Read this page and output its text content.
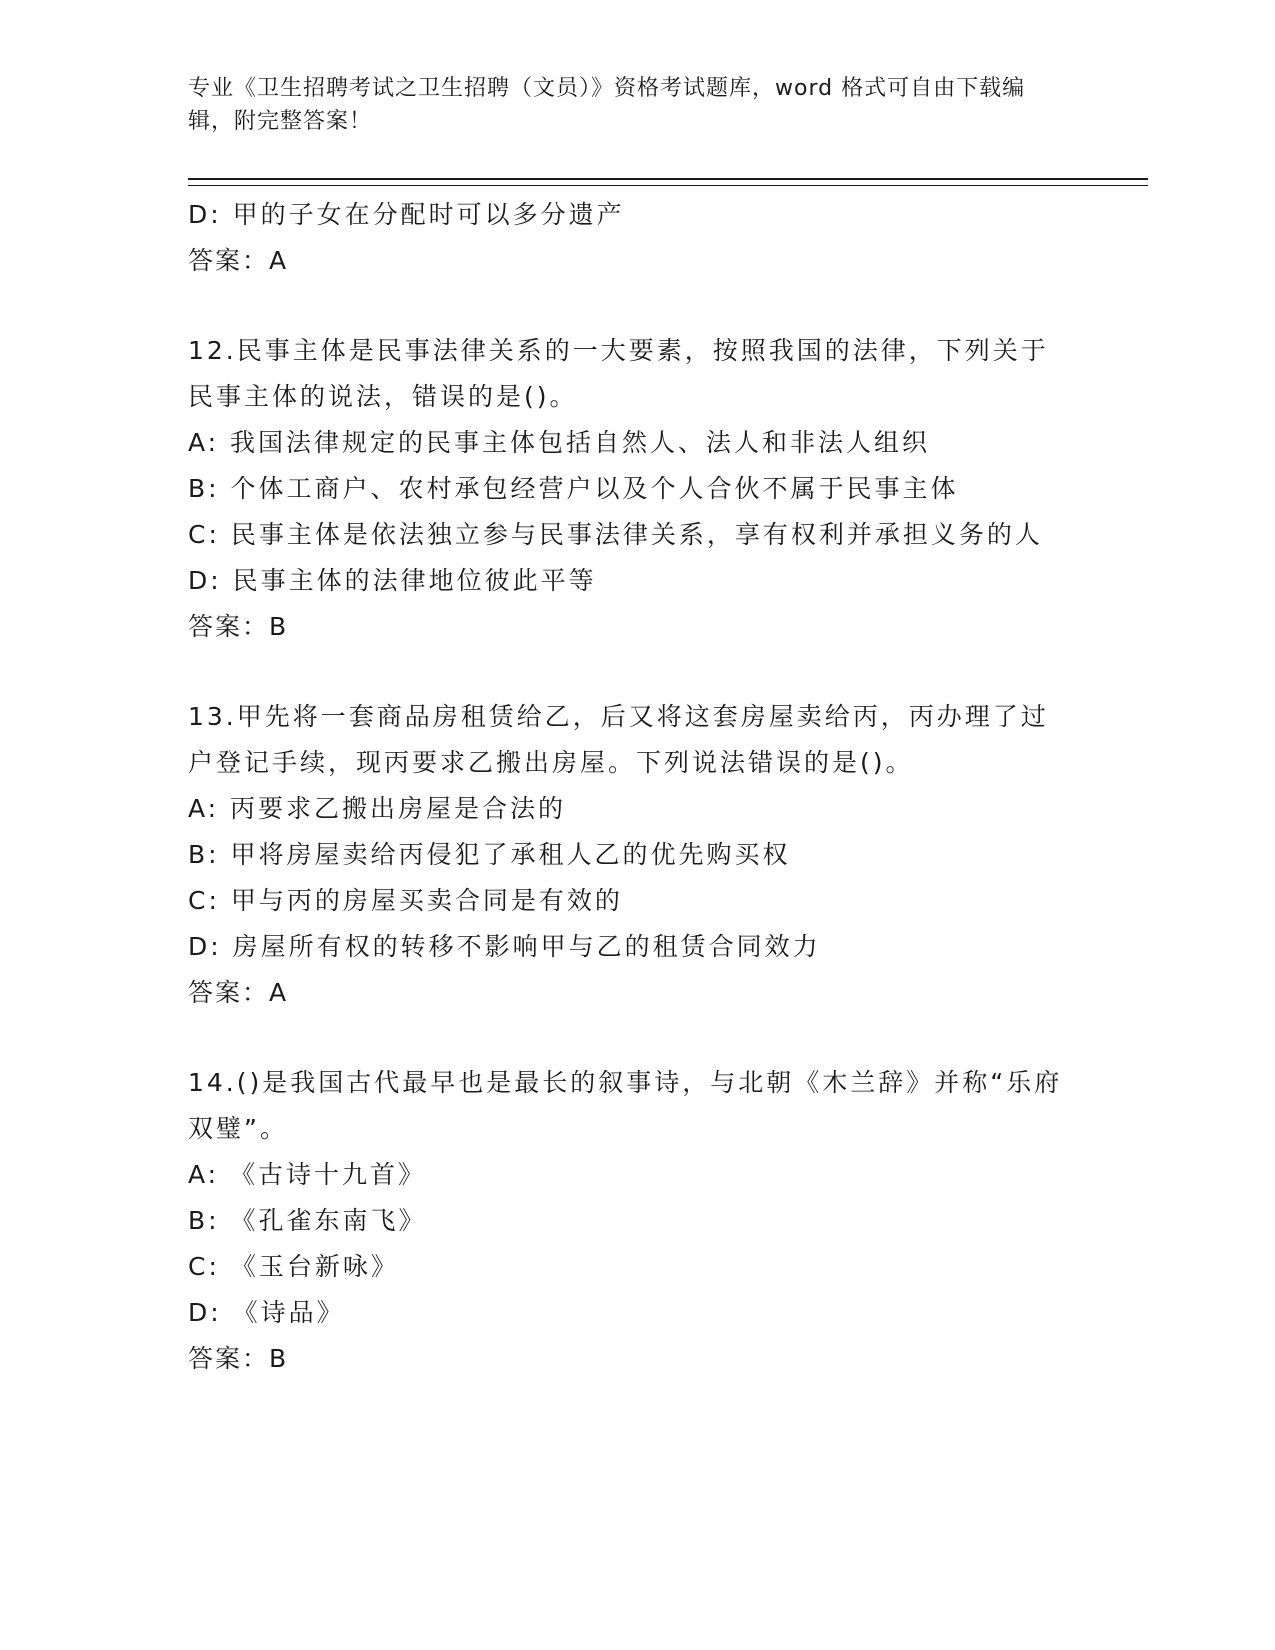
专业《卫生招聘考试之卫生招聘（文员）》资格考试题库，word 格式可自由下载编辑，附完整答案！

D: 甲的子女在分配时可以多分遗产

答案：A

12.民事主体是民事法律关系的一大要素，按照我国的法律，下列关于民事主体的说法，错误的是()。

A: 我国法律规定的民事主体包括自然人、法人和非法人组织

B: 个体工商户、农村承包经营户以及个人合伙不属于民事主体

C: 民事主体是依法独立参与民事法律关系，享有权利并承担义务的人

D: 民事主体的法律地位彼此平等

答案：B

13.甲先将一套商品房租赁给乙，后又将这套房屋卖给丙，丙办理了过户登记手续，现丙要求乙搬出房屋。下列说法错误的是()。

A: 丙要求乙搬出房屋是合法的

B: 甲将房屋卖给丙侵犯了承租人乙的优先购买权

C: 甲与丙的房屋买卖合同是有效的

D: 房屋所有权的转移不影响甲与乙的租赁合同效力

答案：A

14.()是我国古代最早也是最长的叙事诗，与北朝《木兰辞》并称“乐府双璧”。

A: 《古诗十九首》

B: 《孔雀东南飞》

C: 《玉台新咏》

D: 《诗品》

答案：B
